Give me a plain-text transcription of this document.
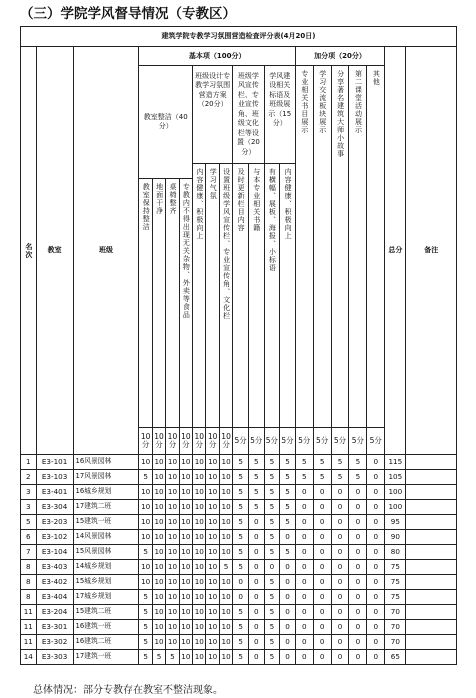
（三）学院学风督导情况（专教区）
建筑学院专教学习氛围营造检查评分表(4月20日)																				
名次	教室	班级	基本项（100分）											加分项（20分）					总分	备注

			教室整洁（40分）				班级设计专教学习氛围营造方案（20分）			班级学风宣传栏、专业宣传角、班级文化栏等设置（20分）		学风建设相关标语及班级展示（15分）		专业相关书目展示	学习交流板块展示	分享著名建筑大师小故事	第二课堂活动展示	其他		
							内容健康、积极向上	学习气氛	设置班级学风宣传栏、专业宣传角、文化栏	及时更新栏目内容	与本专业相关书籍	有横幅、展板、海报、小标语	内容健康、积极向上							
			教室保持整洁	地面干净	桌椅整齐	专教内不得出现无关杂物、外卖等食品														
			10分	10分	10分	10分	10分	10分	10分	5分	5分	5分	5分	5分	5分	5分	5分	5分		
1	E3-101	16风景园林	10	10	10	10	10	10	10	5	5	5	5	5	5	5	5	0	115	
2	E3-103	17风景园林	5	10	10	10	10	10	10	5	5	5	5	5	5	5	5	0	105	
3	E3-401	16城乡规划	10	10	10	10	10	10	10	5	5	5	5	0	0	0	0	0	100	
3	E3-304	17建筑二班	10	10	10	10	10	10	10	5	5	5	5	0	0	0	0	0	100	
5	E3-203	15建筑一班	10	10	10	10	10	10	10	5	0	5	5	0	0	0	0	0	95	
6	E3-102	14风景园林	10	10	10	10	10	10	10	5	0	5	0	0	0	0	0	0	90	
7	E3-104	15风景园林	5	10	10	10	10	10	10	5	0	5	5	0	0	0	0	0	80	
8	E3-403	14城乡规划	10	10	10	10	10	10	5	5	0	0	0	0	0	0	0	0	75	
8	E3-402	15城乡规划	10	10	10	10	10	10	10	0	0	5	0	0	0	0	0	0	75	
8	E3-404	17城乡规划	5	10	10	10	10	10	10	0	0	5	0	0	0	0	0	0	75	
11	E3-204	15建筑二班	5	10	10	10	10	10	10	5	0	5	0	0	0	0	0	0	70	
11	E3-301	16建筑一班	5	10	10	10	10	10	10	5	0	5	0	0	0	0	0	0	70	
11	E3-302	16建筑二班	5	10	10	10	10	10	10	5	0	5	0	0	0	0	0	0	70	
14	E3-303	17建筑一班	5	5	5	10	10	10	10	5	0	5	0	0	0	0	0	0	65	
总体情况：部分专教存在教室不整洁现象。
